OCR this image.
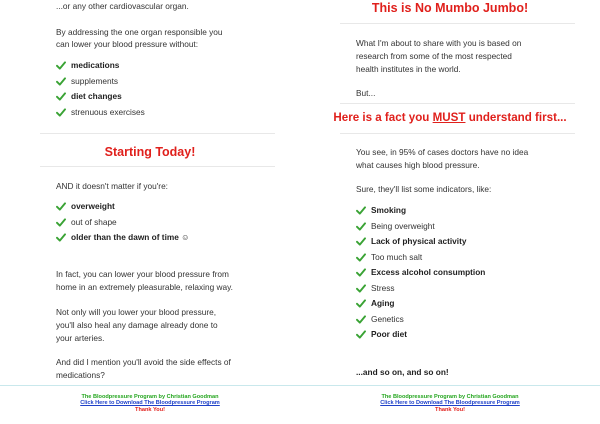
...or any other cardiovascular organ.
By addressing the one organ responsible you
can lower your blood pressure without:
medications
supplements
diet changes
strenuous exercises
Starting Today!
AND it doesn't matter if you're:
overweight
out of shape
older than the dawn of time ☺
In fact, you can lower your blood pressure from
home in an extremely pleasurable, relaxing way.
Not only will you lower your blood pressure,
you'll also heal any damage already done to
your arteries.
And did I mention you'll avoid the side effects of
medications?
The Bloodpressure Program by Christian Goodman
Click Here to Download The Bloodpressure Program
Thank You!
This is No Mumbo Jumbo!
What I'm about to share with you is based on
research from some of the most respected
health institutes in the world.
But...
Here is a fact you MUST understand first...
You see, in 95% of cases doctors have no idea
what causes high blood pressure.
Sure, they'll list some indicators, like:
Smoking
Being overweight
Lack of physical activity
Too much salt
Excess alcohol consumption
Stress
Aging
Genetics
Poor diet
...and so on, and so on!
The Bloodpressure Program by Christian Goodman
Click Here to Download The Bloodpressure Program
Thank You!
